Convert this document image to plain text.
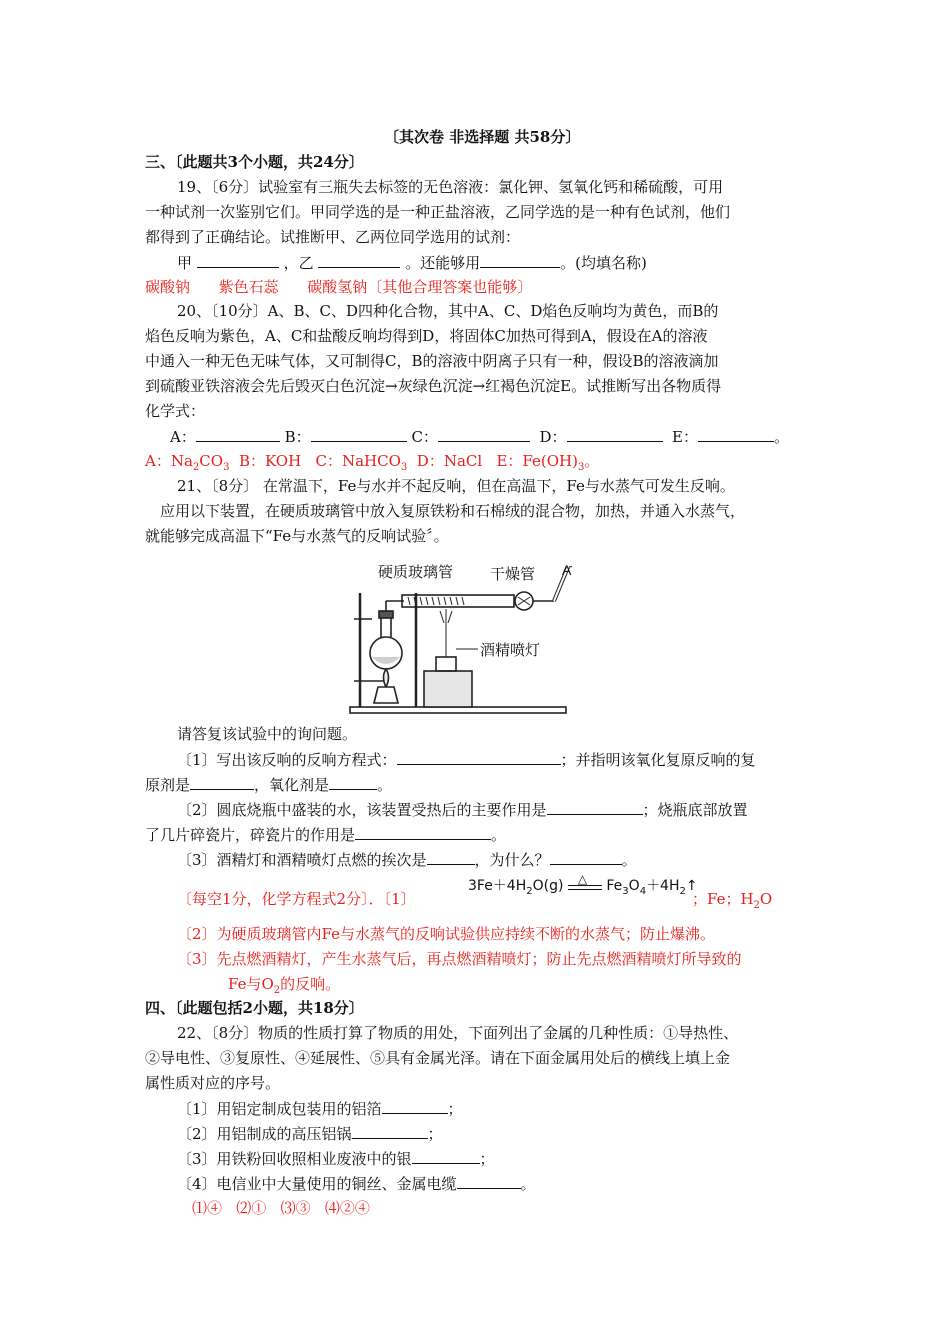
〔其次卷 非选择题 共58分〕
三、〔此题共3个小题，共24分〕
19、〔6分〕试验室有三瓶失去标签的无色溶液：氯化钾、氢氧化钙和稀硫酸，可用
一种试剂一次鉴别它们。甲同学选的是一种正盐溶液，乙同学选的是一种有色试剂，他们
都得到了正确结论。试推断甲、乙两位同学选用的试剂：
甲	，乙	。还能够用	。(均填名称)
碳酸钠      紫色石蕊      碳酸氢钠〔其他合理答案也能够〕
20、〔10分〕A、B、C、D四种化合物，其中A、C、D焰色反响均为黄色，而B的
焰色反响为紫色，A、C和盐酸反响均得到D，将固体C加热可得到A，假设在A的溶液
中通入一种无色无味气体，又可制得C，B的溶液中阴离子只有一种，假设B的溶液滴加
到硫酸亚铁溶液会先后毁灭白色沉淀→灰绿色沉淀→红褐色沉淀E。试推断写出各物质得
化学式：
A：	B：	C：	D：	E：	。
A：$Na_2CO_3$  B：KOH   C：NaHCO$_3$  D：NaCl   E：$Fe(OH)_3$。
21、〔8分〕 在常温下，Fe与水并不起反响，但在高温下，Fe与水蒸气可发生反响。
应用以下装置，在硬质玻璃管中放入复原铁粉和石棉绒的混合物，加热，并通入水蒸气，
就能够完成高温下“Fe与水蒸气的反响试验〞。
硬质玻璃管 干燥管 A
酒精喷灯
请答复该试验中的询问题。
〔1〕写出该反响的反响方程式：	；并指明该氧化复原反响的复
原剂是	，氧化剂是	。
〔2〕圆底烧瓶中盛装的水，该装置受热后的主要作用是	；烧瓶底部放置
了几片碎瓷片，碎瓷片的作用是	。
〔3〕酒精灯和酒精喷灯点燃的挨次是	，为什么？	。
〔每空1分，化学方程式2分〕．〔1〕
$3Fe+4H_2O(g)$ △ $Fe_3O_4+4H_2↑$
；Fe；$H_2O$
〔2〕为硬质玻璃管内Fe与水蒸气的反响试验供应持续不断的水蒸气；防止爆沸。
〔3〕先点燃酒精灯，产生水蒸气后，再点燃酒精喷灯；防止先点燃酒精喷灯所导致的
Fe与$O_2$的反响。
四、〔此题包括2小题，共18分〕
22、〔8分〕物质的性质打算了物质的用处，下面列出了金属的几种性质：①导热性、
②导电性、③复原性、④延展性、⑤具有金属光泽。请在下面金属用处后的横线上填上金
属性质对应的序号。
〔1〕用铝定制成包装用的铝箔	；
〔2〕用铝制成的高压铝锅	；
〔3〕用铁粉回收照相业废液中的银	；
〔4〕电信业中大量使用的铜丝、金属电缆	。
⑴④   ⑵①   ⑶③   ⑷②④
